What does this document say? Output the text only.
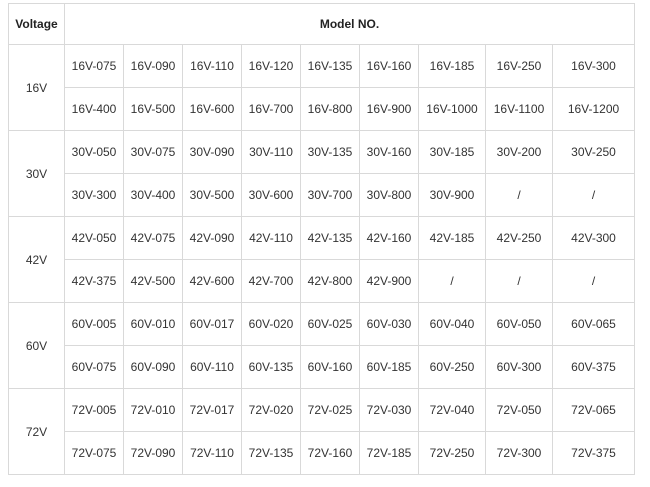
Voltage	Model NO.								
16V	16V-075	16V-090	16V-110	16V-120	16V-135	16V-160	16V-185	16V-250	16V-300
	16V-400	16V-500	16V-600	16V-700	16V-800	16V-900	16V-1000	16V-1100	16V-1200
30V	30V-050	30V-075	30V-090	30V-110	30V-135	30V-160	30V-185	30V-200	30V-250
	30V-300	30V-400	30V-500	30V-600	30V-700	30V-800	30V-900	/	/
42V	42V-050	42V-075	42V-090	42V-110	42V-135	42V-160	42V-185	42V-250	42V-300
	42V-375	42V-500	42V-600	42V-700	42V-800	42V-900	/	/	/
60V	60V-005	60V-010	60V-017	60V-020	60V-025	60V-030	60V-040	60V-050	60V-065
	60V-075	60V-090	60V-110	60V-135	60V-160	60V-185	60V-250	60V-300	60V-375
72V	72V-005	72V-010	72V-017	72V-020	72V-025	72V-030	72V-040	72V-050	72V-065
	72V-075	72V-090	72V-110	72V-135	72V-160	72V-185	72V-250	72V-300	72V-375
